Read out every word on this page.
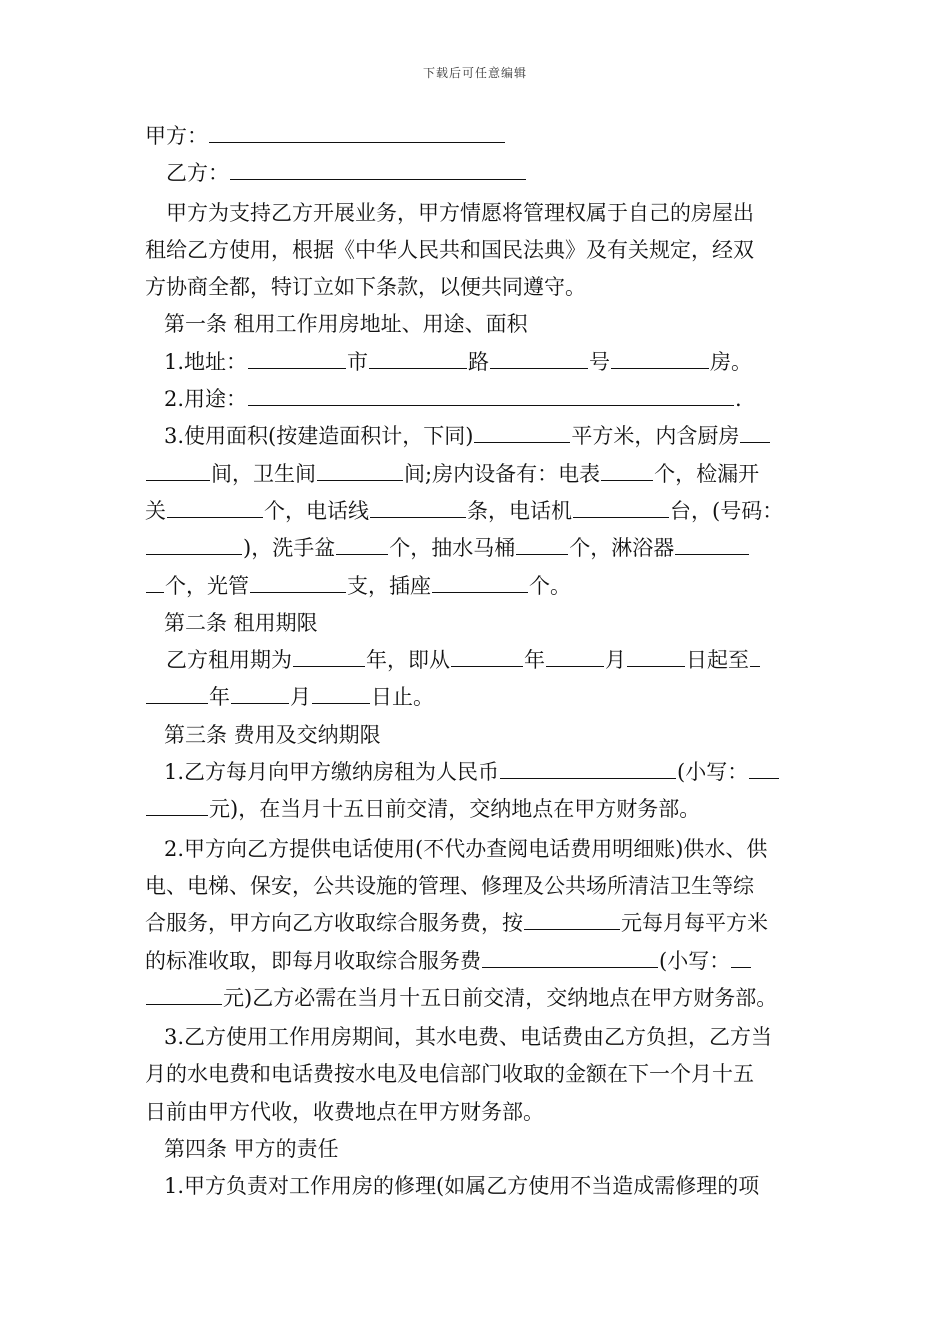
下载后可任意编辑
甲方：
乙方：
甲方为支持乙方开展业务，甲方情愿将管理权属于自己的房屋出
租给乙方使用，根据《中华人民共和国民法典》及有关规定，经双
方协商全都，特订立如下条款，以便共同遵守。
第一条 租用工作用房地址、用途、面积
1.地址：	市	路	号	房。
2.用途：	.
3.使用面积(按建造面积计，下同)	平方米，内含厨房
间，卫生间	间;房内设备有：电表	个，检漏开
关	个，电话线	条，电话机	台，(号码：
)，洗手盆	个，抽水马桶	个，淋浴器
个，光管	支，插座	个。
第二条 租用期限
乙方租用期为	年，即从	年	月	日起至
年	月	日止。
第三条 费用及交纳期限
1.乙方每月向甲方缴纳房租为人民币	(小写：
元)，在当月十五日前交清，交纳地点在甲方财务部。
2.甲方向乙方提供电话使用(不代办查阅电话费用明细账)供水、供
电、电梯、保安，公共设施的管理、修理及公共场所清洁卫生等综
合服务，甲方向乙方收取综合服务费，按	元每月每平方米
的标准收取，即每月收取综合服务费	(小写：
元)乙方必需在当月十五日前交清，交纳地点在甲方财务部。
3.乙方使用工作用房期间，其水电费、电话费由乙方负担，乙方当
月的水电费和电话费按水电及电信部门收取的金额在下一个月十五
日前由甲方代收，收费地点在甲方财务部。
第四条 甲方的责任
1.甲方负责对工作用房的修理(如属乙方使用不当造成需修理的项
